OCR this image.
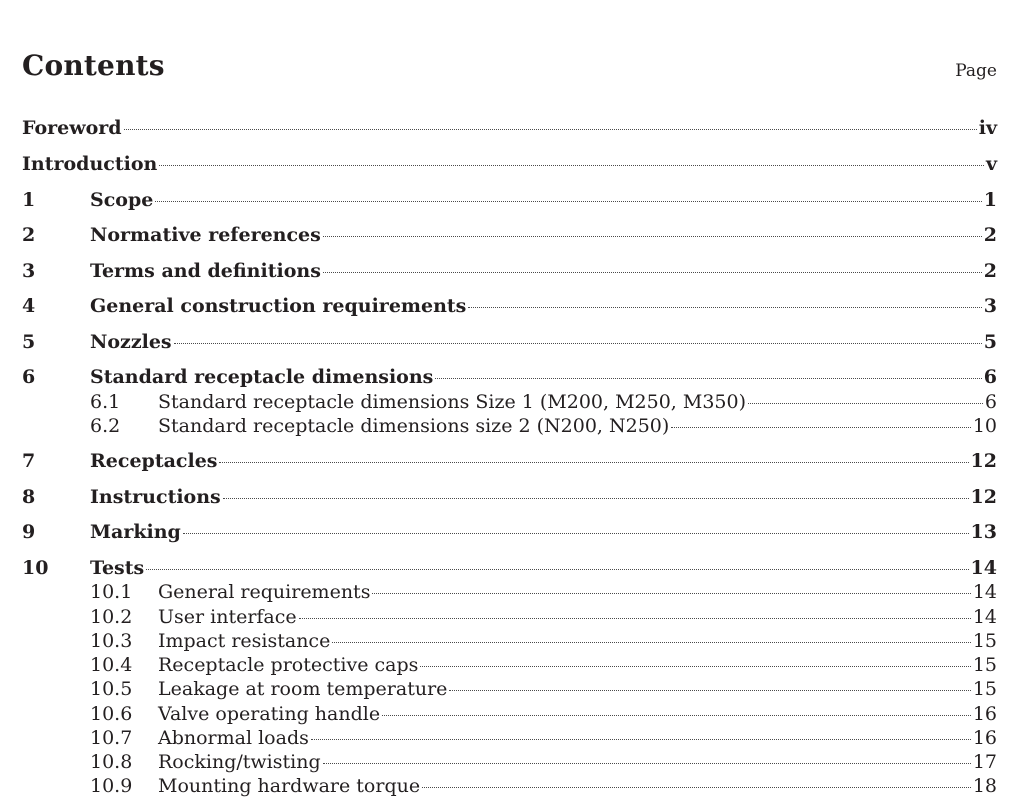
Contents	Page
Foreword	iv
Introduction	v
1	Scope	1
2	Normative references	2
3	Terms and definitions	2
4	General construction requirements	3
5	Nozzles	5
6	Standard receptacle dimensions	6
6.1	Standard receptacle dimensions Size 1 (M200, M250, M350)	6
6.2	Standard receptacle dimensions size 2 (N200, N250)	10
7	Receptacles	12
8	Instructions	12
9	Marking	13
10	Tests	14
10.1	General requirements	14
10.2	User interface	14
10.3	Impact resistance	15
10.4	Receptacle protective caps	15
10.5	Leakage at room temperature	15
10.6	Valve operating handle	16
10.7	Abnormal loads	16
10.8	Rocking/twisting	17
10.9	Mounting hardware torque	18
